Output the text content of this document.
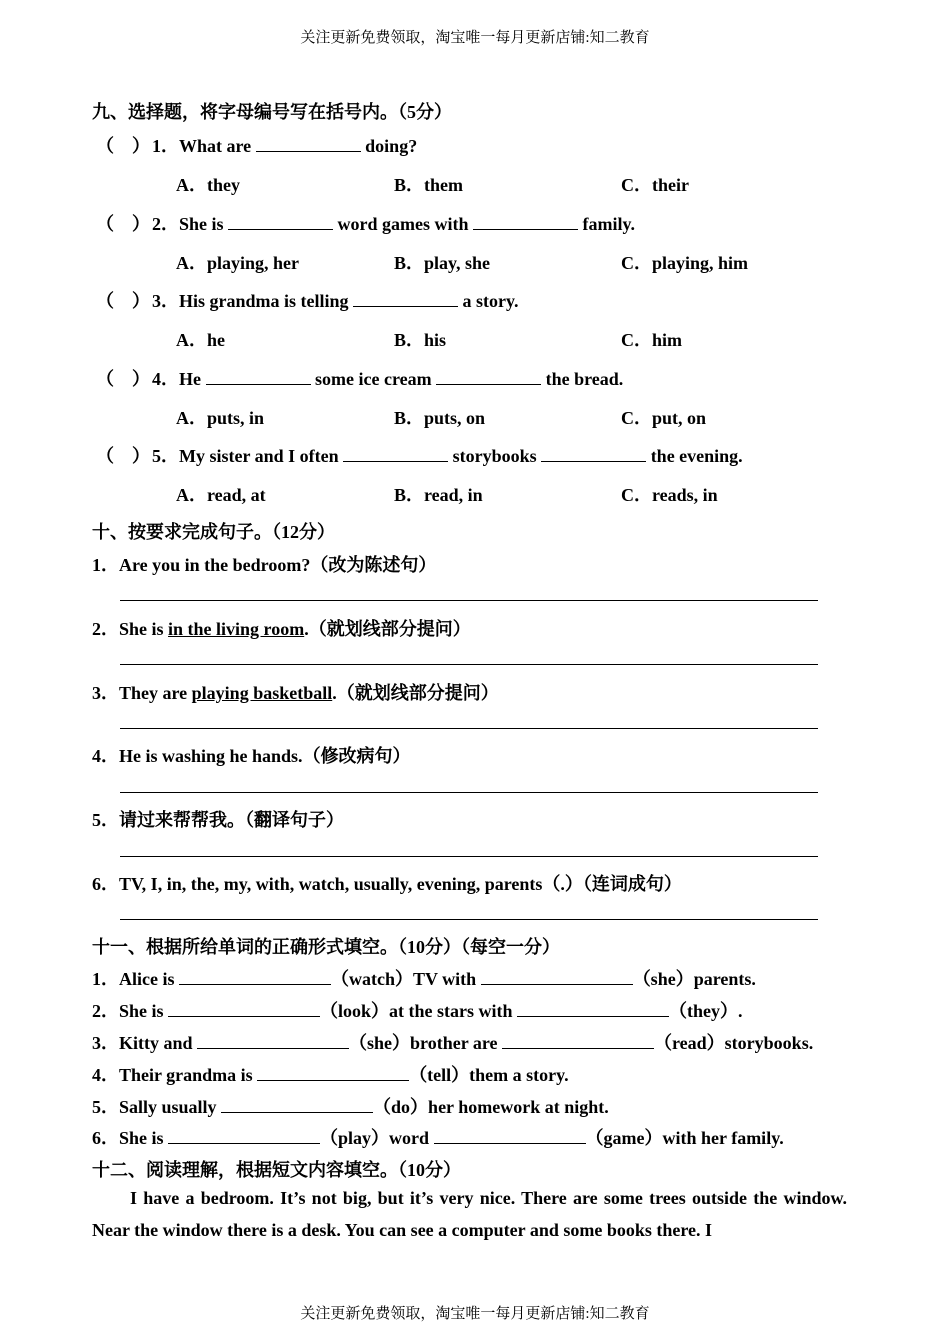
关注更新免费领取，淘宝唯一每月更新店铺:知二教育
关注更新免费领取，淘宝唯一每月更新店铺:知二教育
九、选择题，将字母编号写在括号内。（5分）
（　） 1．What are	doing?
A．they	B．them	C．their
（　） 2．She is	word games with	family.
A．playing, her	B．play, she	C．playing, him
（　） 3．His grandma is telling	a story.
A．he	B．his	C．him
（　） 4．He	some ice cream	the bread.
A．puts, in	B．puts, on	C．put, on
（　） 5．My sister and I often	storybooks	the evening.
A．read, at	B．read, in	C．reads, in
十、按要求完成句子。（12分）
1．Are you in the bedroom?（改为陈述句）
2．She is in the living room.（就划线部分提问）
3．They are playing basketball.（就划线部分提问）
4．He is washing he hands.（修改病句）
5．请过来帮帮我。（翻译句子）
6．TV, I, in, the, my, with, watch, usually, evening, parents（.）（连词成句）
十一、根据所给单词的正确形式填空。（10分）（每空一分）
1．Alice is	（watch）TV with	（she）parents.
2．She is	（look）at the stars with	（they）.
3．Kitty and	（she）brother are	（read）storybooks.
4．Their grandma is	（tell）them a story.
5．Sally usually	（do）her homework at night.
6．She is	（play）word	（game）with her family.
十二、阅读理解，根据短文内容填空。（10分）
I have a bedroom. It’s not big, but it’s very nice. There are some trees outside the window. Near the window there is a desk. You can see a computer and some books there. I
